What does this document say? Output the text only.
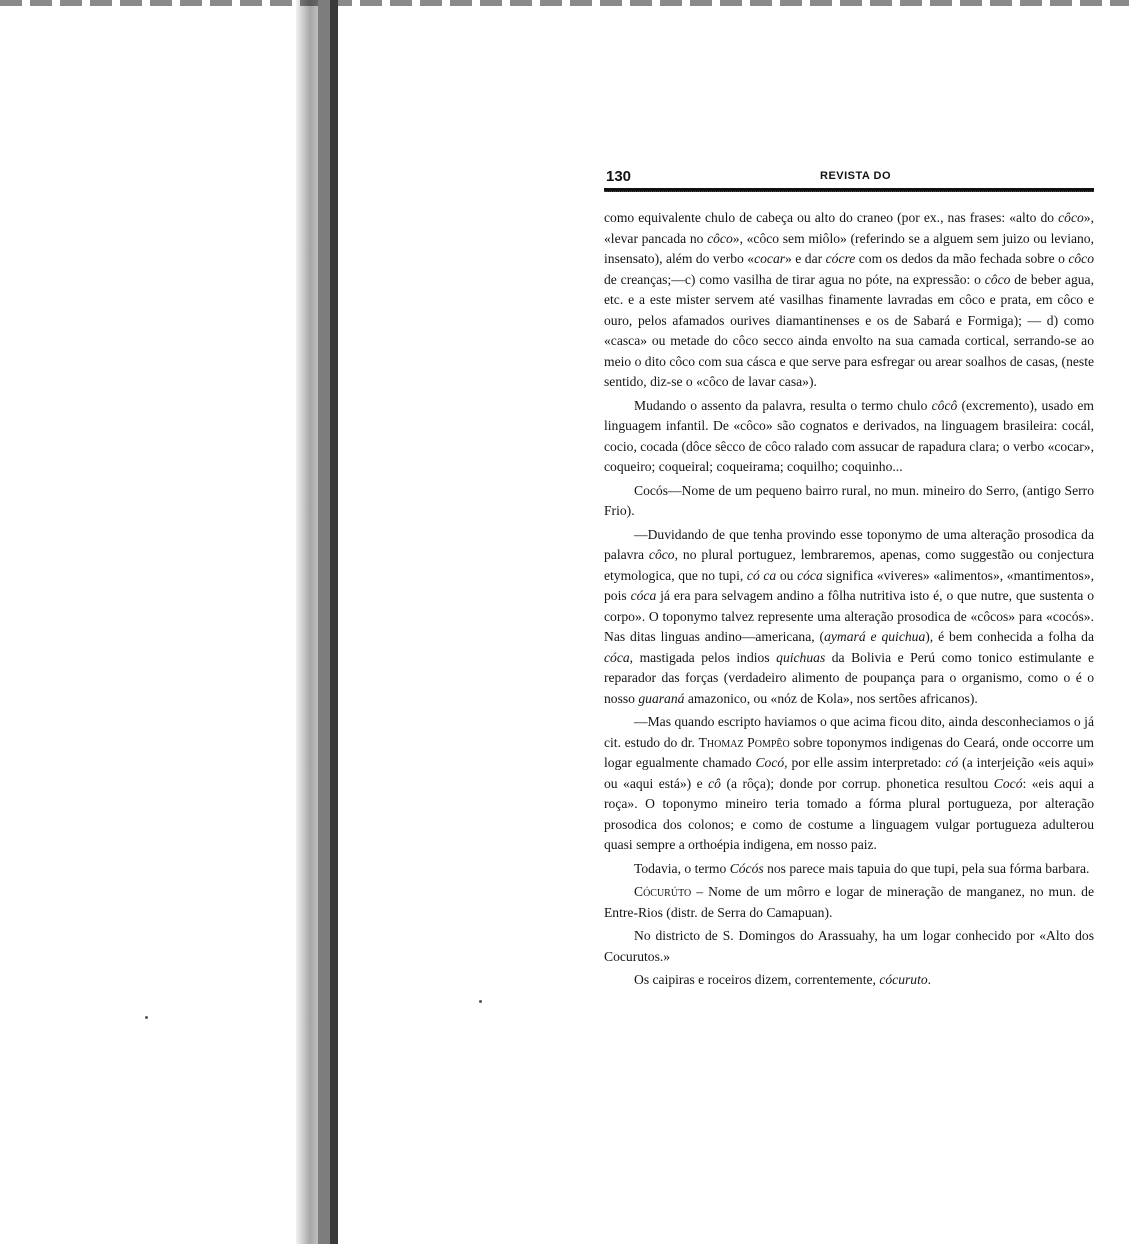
130	REVISTA DO

como equivalente chulo de cabeça ou alto do craneo (por ex., nas frases: «alto do côco», «levar pancada no côco», «côco sem miôlo» (referindo se a alguem sem juizo ou leviano, insensato), além do verbo «cocar» e dar cócre com os dedos da mão fechada sobre o côco de creanças;—c) como vasilha de tirar agua no póte, na expressão: o côco de beber agua, etc. e a este mister servem até vasilhas finamente lavradas em côco e prata, em côco e ouro, pelos afamados ourives diamantinenses e os de Sabará e Formiga); — d) como «casca» ou metade do côco secco ainda envolto na sua camada cortical, serrando-se ao meio o dito côco com sua cásca e que serve para esfregar ou arear soalhos de casas, (neste sentido, diz-se o «côco de lavar casa»).

Mudando o assento da palavra, resulta o termo chulo côcô (excremento), usado em linguagem infantil. De «côco» são cognatos e derivados, na linguagem brasileira: cocál, cocio, cocada (dôce sêcco de côco ralado com assucar de rapadura clara; o verbo «cocar», coqueiro; coqueiral; coqueirama; coquilho; coquinho...

Cocós—Nome de um pequeno bairro rural, no mun. mineiro do Serro, (antigo Serro Frio).

—Duvidando de que tenha provindo esse toponymo de uma alteração prosodica da palavra côco, no plural portuguez, lembraremos, apenas, como suggestão ou conjectura etymologica, que no tupi, có ca ou cóca significa «viveres» «alimentos», «mantimentos», pois cóca já era para selvagem andino a fôlha nutritiva isto é, o que nutre, que sustenta o corpo». O toponymo talvez represente uma alteração prosodica de «côcos» para «cocós». Nas ditas linguas andino—americana, (aymará e quichua), é bem conhecida a folha da cóca, mastigada pelos indios quichuas da Bolivia e Perú como tonico estimulante e reparador das forças (verdadeiro alimento de poupança para o organismo, como o é o nosso guaraná amazonico, ou «nóz de Kola», nos sertões africanos).

—Mas quando escripto haviamos o que acima ficou dito, ainda desconheciamos o já cit. estudo do dr. Thomaz Pompêo sobre toponymos indigenas do Ceará, onde occorre um logar egualmente chamado Cocó, por elle assim interpretado: có (a interjeição «eis aqui» ou «aqui está») e cô (a rôça); donde por corrup. phonetica resultou Cocó: «eis aqui a roça». O toponymo mineiro teria tomado a fórma plural portugueza, por alteração prosodica dos colonos; e como de costume a linguagem vulgar portugueza adulterou quasi sempre a orthoépia indigena, em nosso paiz.

Todavia, o termo Cócós nos parece mais tapuia do que tupi, pela sua fórma barbara.

Cócurúto – Nome de um môrro e logar de mineração de manganez, no mun. de Entre-Rios (distr. de Serra do Camapuan).

No districto de S. Domingos do Arassuahy, ha um logar conhecido por «Alto dos Cocurutos.»

Os caipiras e roceiros dizem, correntemente, cócuruto.
